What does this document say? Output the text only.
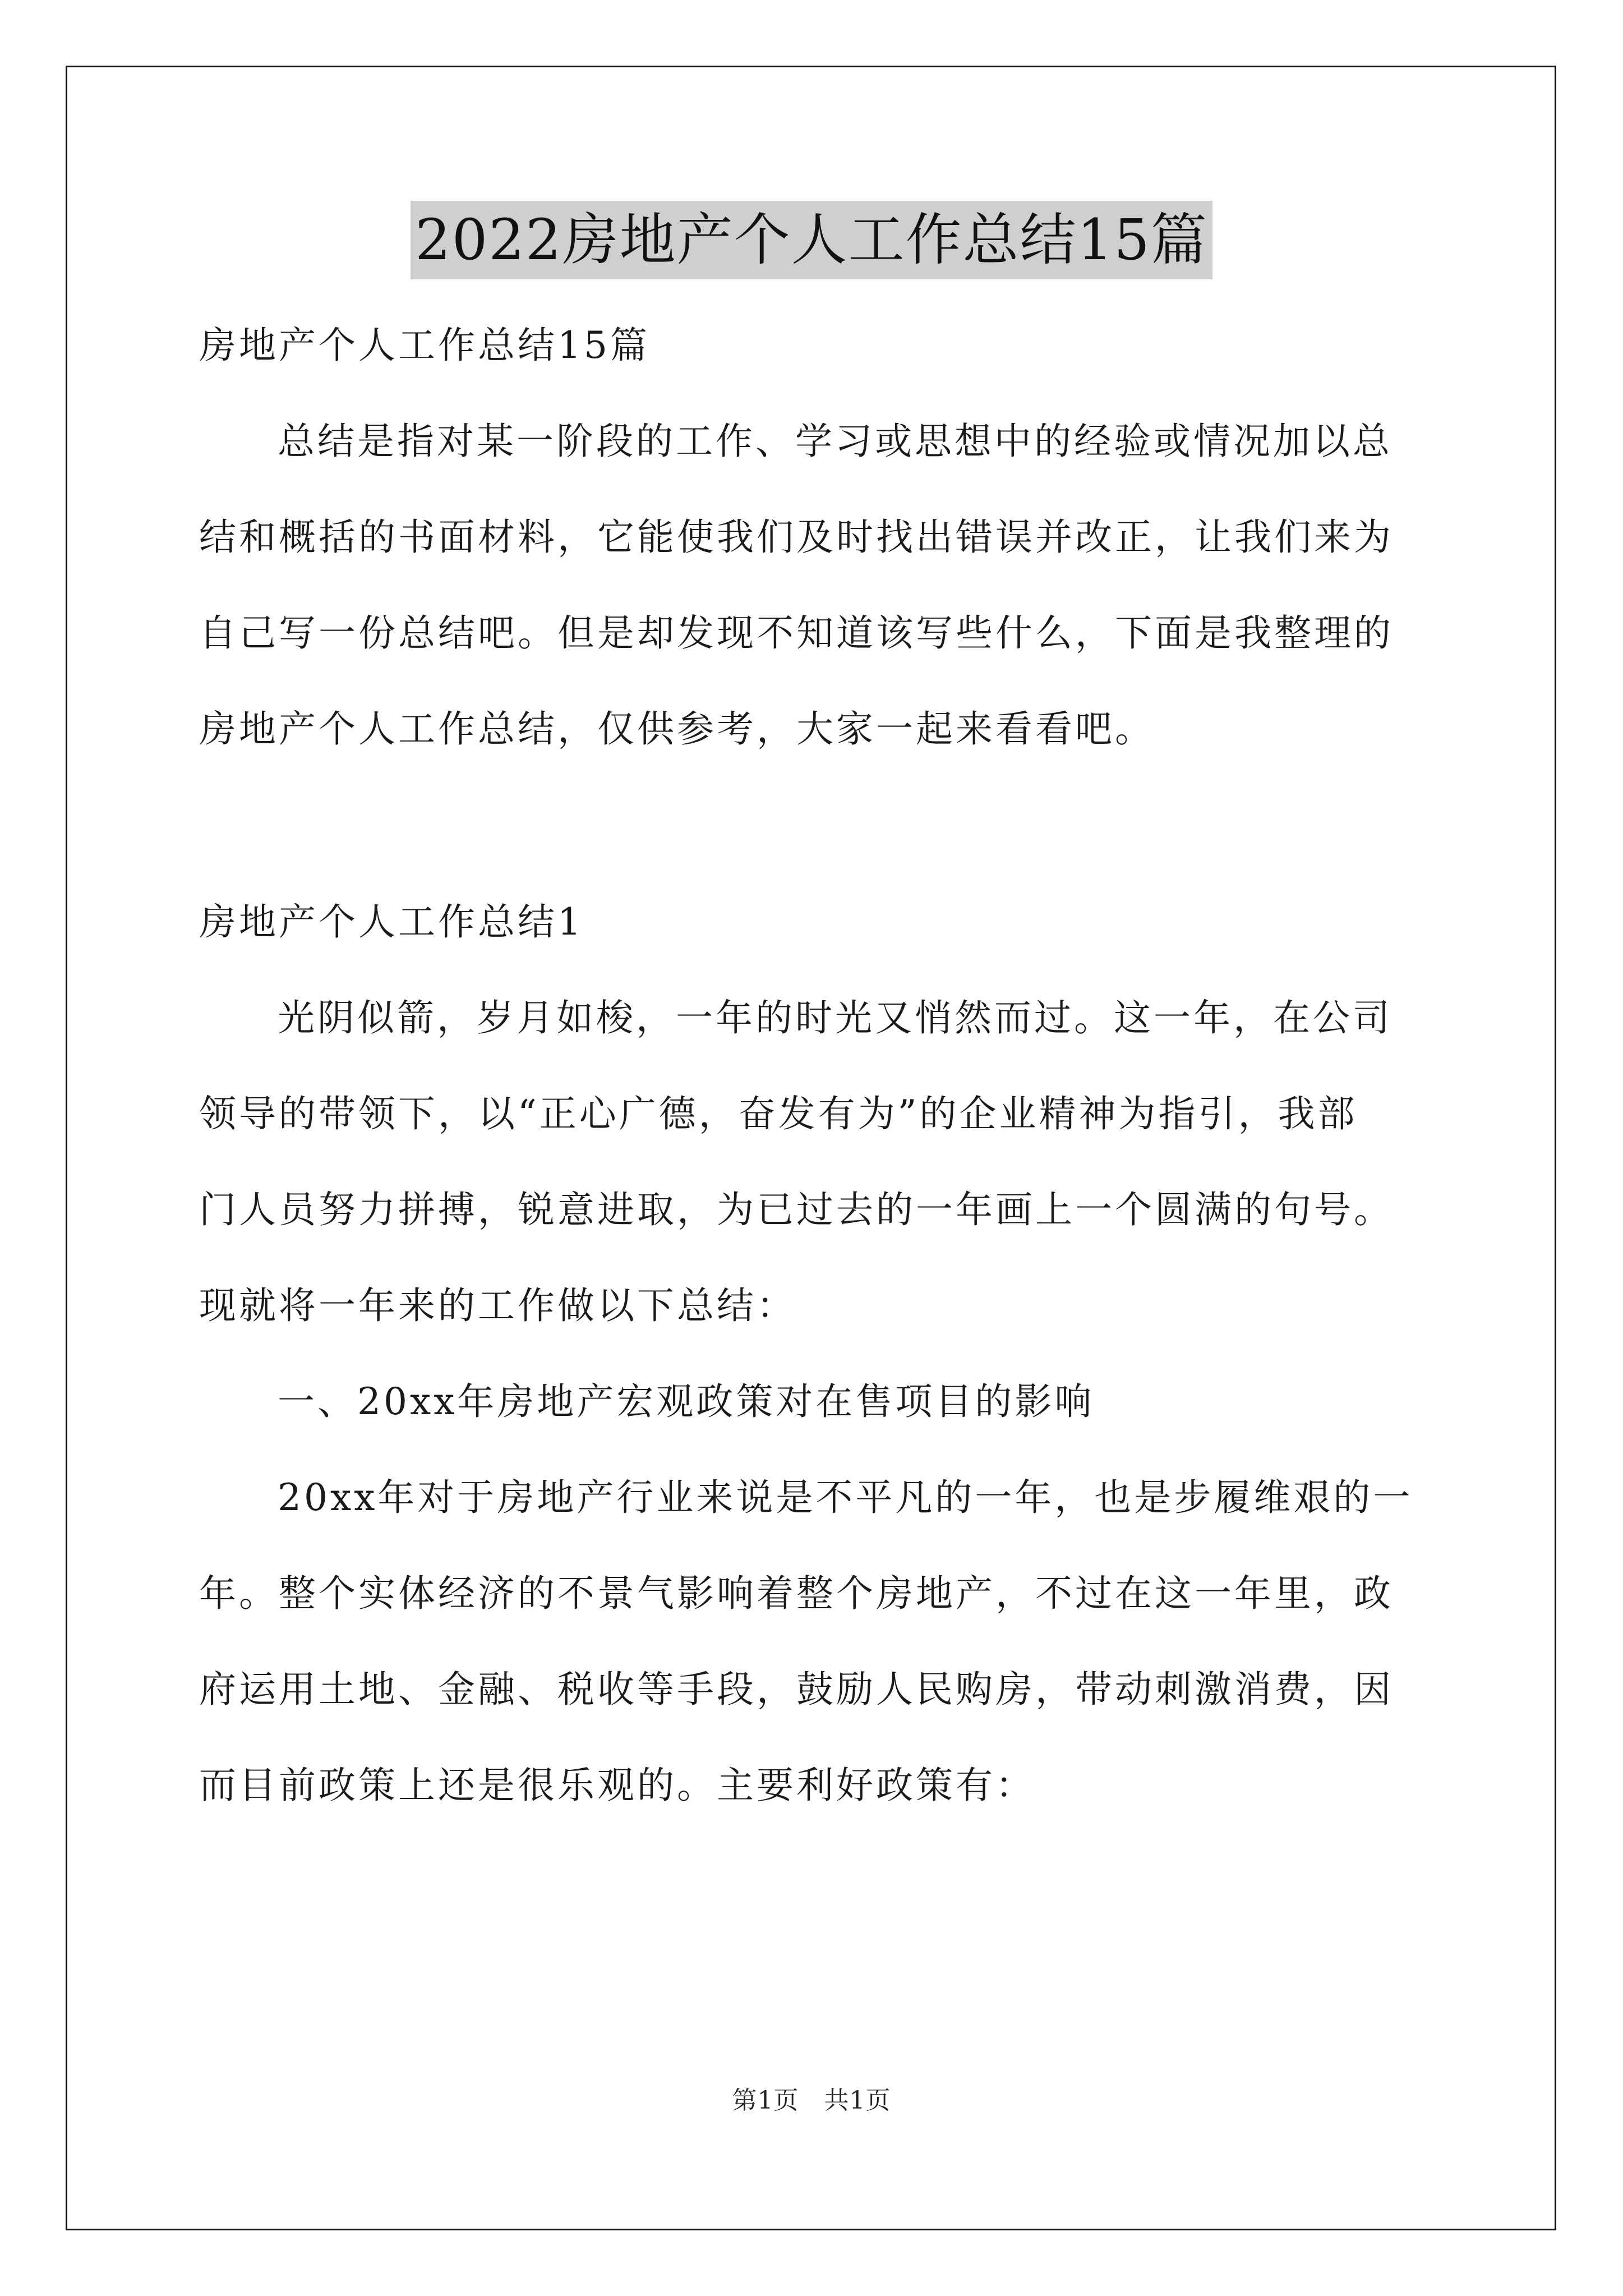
2022房地产个人工作总结15篇
房地产个人工作总结15篇
总结是指对某一阶段的工作、学习或思想中的经验或情况加以总
结和概括的书面材料，它能使我们及时找出错误并改正，让我们来为
自己写一份总结吧。但是却发现不知道该写些什么，下面是我整理的
房地产个人工作总结，仅供参考，大家一起来看看吧。
房地产个人工作总结1
光阴似箭，岁月如梭，一年的时光又悄然而过。这一年，在公司
领导的带领下，以“正心广德，奋发有为”的企业精神为指引，我部
门人员努力拼搏，锐意进取，为已过去的一年画上一个圆满的句号。
现就将一年来的工作做以下总结：
一、20xx年房地产宏观政策对在售项目的影响
20xx年对于房地产行业来说是不平凡的一年，也是步履维艰的一
年。整个实体经济的不景气影响着整个房地产，不过在这一年里，政
府运用土地、金融、税收等手段，鼓励人民购房，带动刺激消费，因
而目前政策上还是很乐观的。主要利好政策有：
第1页　共1页
